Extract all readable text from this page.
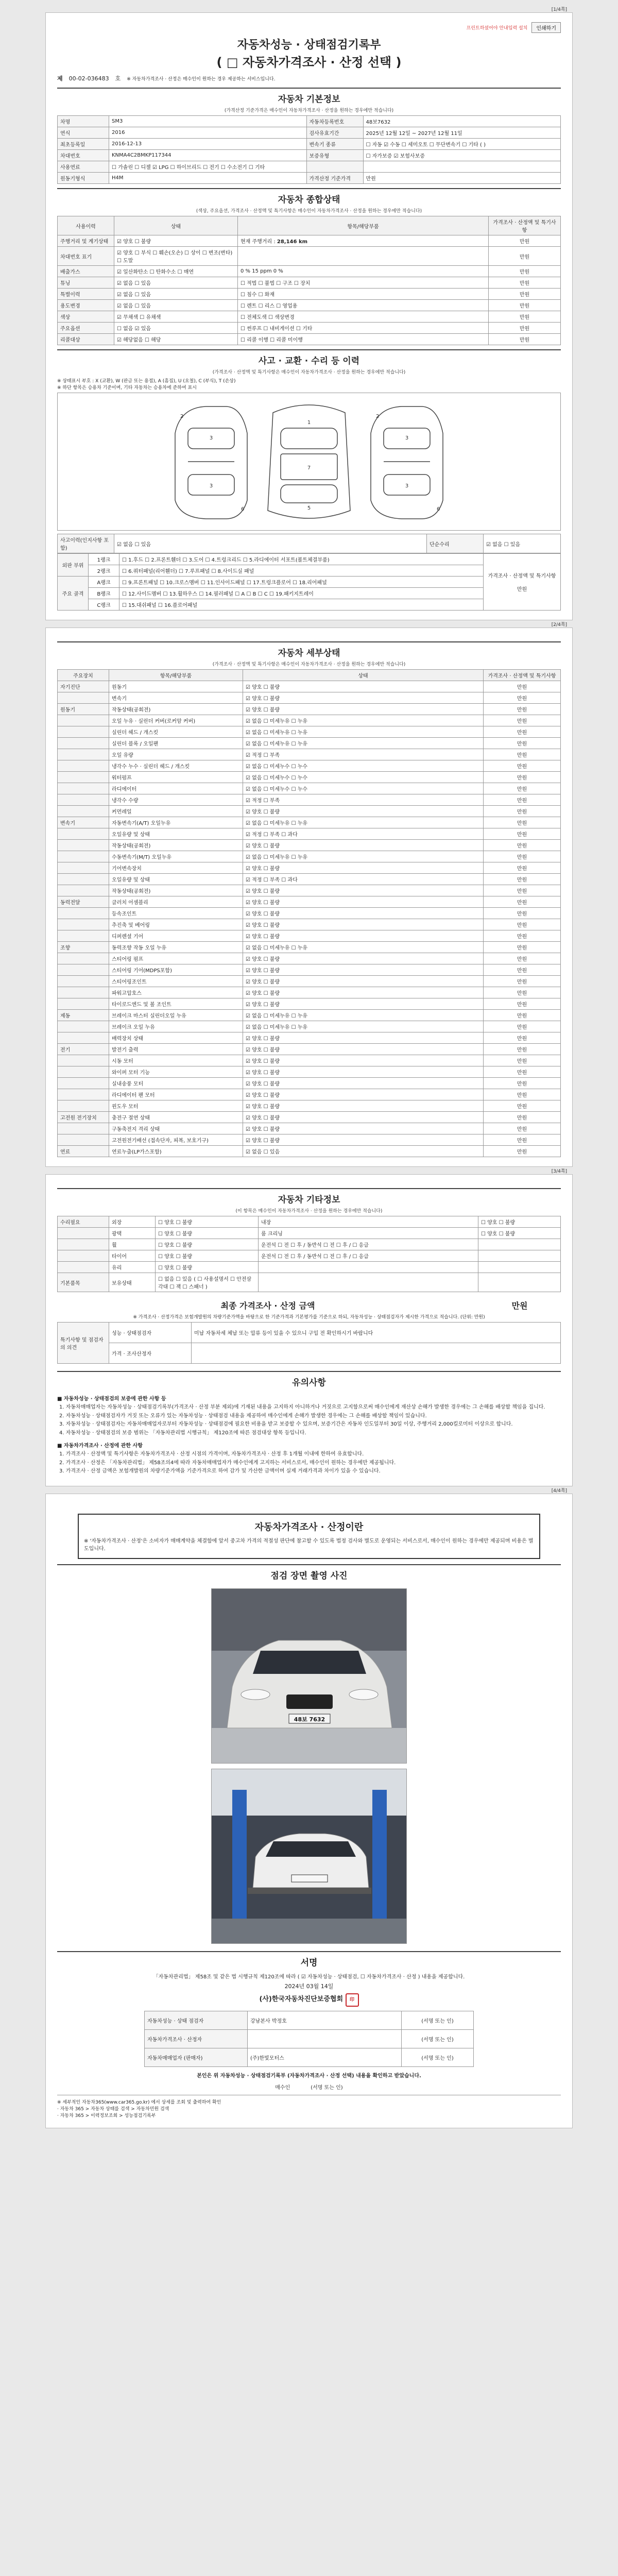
[1/4쪽]
프린트하셨어야 안내입력 설치	인쇄하기
자동차성능 · 상태점검기록부
( □ 자동차가격조사 · 산정 선택 )
제 00-02-036483 호 ※ 자동차가격조사 · 산정은 매수인이 원하는 경우 제공하는 서비스입니다.
자동차 기본정보
(가격산정 기준가격은 매수인이 자동차가격조사 · 산정을 원하는 경우에만 적습니다)
차명	SM3	자동차등록번호	48보7632
연식	2016	검사유효기간	2025년 12월 12일 ~ 2027년 12월 11일
최초등록일	2016-12-13	변속기 종류	☐ 자동 ☑ 수동 ☐ 세미오토 ☐ 무단변속기 ☐ 기타 ( )
차대번호	KNMA4C2BMKP117344	보증유형	☐ 자가보증 ☑ 보험사보증
사용연료	☐ 가솔린 ☐ 디젤 ☑ LPG ☐ 하이브리드 ☐ 전기 ☐ 수소전기 ☐ 기타		
원동기형식	H4M	가격산정 기준가격	만원
자동차 종합상태
(색상, 주요옵션, 가격조사 · 산정액 및 특기사항은 매수인이 자동차가격조사 · 산정을 원하는 경우에만 적습니다)
사용이력	상태	항목/해당부품	가격조사 · 산정액 및 특기사항
주행거리 및 계기상태	☑ 양호 ☐ 불량	현재 주행거리 : 28,146 km	만원
차대번호 표기	☑ 양호 ☐ 부식 ☐ 훼손(오손) ☐ 상이 ☐ 변조(변타) ☐ 도말		만원
배출가스	☑ 일산화탄소 ☐ 탄화수소 ☐ 매연	0 % 15 ppm 0 %	만원
튜닝	☑ 없음 ☐ 있음	☐ 적법 ☐ 불법 ☐ 구조 ☐ 장치	만원
특별이력	☑ 없음 ☐ 있음	☐ 침수 ☐ 화재	만원
용도변경	☑ 없음 ☐ 있음	☐ 렌트 ☐ 리스 ☐ 영업용	만원
색상	☑ 무채색 ☐ 유채색	☐ 전체도색 ☐ 색상변경	만원
주요옵션	☐ 없음 ☑ 있음	☐ 썬루프 ☐ 내비게이션 ☐ 기타	만원
리콜대상	☑ 해당없음 ☐ 해당	☐ 리콜 이행 ☐ 리콜 미이행	만원
사고 · 교환 · 수리 등 이력
(가격조사 · 산정액 및 특기사항은 매수인이 자동차가격조사 · 산정을 원하는 경우에만 적습니다)
※ 상태표시 부호 : X (교환), W (판금 또는 용접), A (흠집), U (요철), C (부식), T (손상)
※ 하단 항목은 승용차 기준이며, 기타 자동차는 승용차에 준하여 표시
1
7
5
3
3
3
3
2
6
2
6
사고이력(인지사항 포함)	☑ 없음 ☐ 있음	단순수리	☑ 없음 ☐ 있음
외판 부위	1랭크	☐ 1.후드 ☐ 2.프론트휀더 ☐ 3.도어 ☐ 4.트렁크리드 ☐ 5.라디에이터 서포트(볼트체결부품)	가격조사 · 산정액 및 특기사항

만원
	2랭크	☐ 6.쿼터패널(리어휀더) ☐ 7.루프패널 ☐ 8.사이드실 패널	
주요 골격	A랭크	☐ 9.프론트패널 ☐ 10.크로스멤버 ☐ 11.인사이드패널 ☐ 17.트렁크플로어 ☐ 18.리어패널	
	B랭크	☐ 12.사이드멤버 ☐ 13.휠하우스 ☐ 14.필러패널 ☐ A ☐ B ☐ C ☐ 19.패키지트레이	
	C랭크	☐ 15.대쉬패널 ☐ 16.플로어패널	
[2/4쪽]
자동차 세부상태
(가격조사 · 산정액 및 특기사항은 매수인이 자동차가격조사 · 산정을 원하는 경우에만 적습니다)
주요장치	항목/해당부품	상태	가격조사 · 산정액 및 특기사항
자기진단	원동기	☑ 양호 ☐ 불량	만원
	변속기	☑ 양호 ☐ 불량	만원
원동기	작동상태(공회전)	☑ 양호 ☐ 불량	만원
	오일 누유 · 실린더 커버(로커암 커버)	☑ 없음 ☐ 미세누유 ☐ 누유	만원
	실린더 헤드 / 개스킷	☑ 없음 ☐ 미세누유 ☐ 누유	만원
	실린더 블록 / 오일팬	☑ 없음 ☐ 미세누유 ☐ 누유	만원
	오일 유량	☑ 적정 ☐ 부족	만원
	냉각수 누수 · 실린더 헤드 / 개스킷	☑ 없음 ☐ 미세누수 ☐ 누수	만원
	워터펌프	☑ 없음 ☐ 미세누수 ☐ 누수	만원
	라디에이터	☑ 없음 ☐ 미세누수 ☐ 누수	만원
	냉각수 수량	☑ 적정 ☐ 부족	만원
	커먼레일	☑ 양호 ☐ 불량	만원
변속기	자동변속기(A/T) 오일누유	☑ 없음 ☐ 미세누유 ☐ 누유	만원
	오일유량 및 상태	☑ 적정 ☐ 부족 ☐ 과다	만원
	작동상태(공회전)	☑ 양호 ☐ 불량	만원
	수동변속기(M/T) 오일누유	☑ 없음 ☐ 미세누유 ☐ 누유	만원
	기어변속장치	☑ 양호 ☐ 불량	만원
	오일유량 및 상태	☑ 적정 ☐ 부족 ☐ 과다	만원
	작동상태(공회전)	☑ 양호 ☐ 불량	만원
동력전달	클러치 어셈블리	☑ 양호 ☐ 불량	만원
	등속조인트	☑ 양호 ☐ 불량	만원
	추진축 및 베어링	☑ 양호 ☐ 불량	만원
	디퍼렌셜 기어	☑ 양호 ☐ 불량	만원
조향	동력조향 작동 오일 누유	☑ 없음 ☐ 미세누유 ☐ 누유	만원
	스티어링 펌프	☑ 양호 ☐ 불량	만원
	스티어링 기어(MDPS포함)	☑ 양호 ☐ 불량	만원
	스티어링조인트	☑ 양호 ☐ 불량	만원
	파워고압호스	☑ 양호 ☐ 불량	만원
	타이로드엔드 및 볼 조인트	☑ 양호 ☐ 불량	만원
제동	브레이크 마스터 실린더오일 누유	☑ 없음 ☐ 미세누유 ☐ 누유	만원
	브레이크 오일 누유	☑ 없음 ☐ 미세누유 ☐ 누유	만원
	배력장치 상태	☑ 양호 ☐ 불량	만원
전기	발전기 출력	☑ 양호 ☐ 불량	만원
	시동 모터	☑ 양호 ☐ 불량	만원
	와이퍼 모터 기능	☑ 양호 ☐ 불량	만원
	실내송풍 모터	☑ 양호 ☐ 불량	만원
	라디에이터 팬 모터	☑ 양호 ☐ 불량	만원
	윈도우 모터	☑ 양호 ☐ 불량	만원
고전원 전기장치	충전구 절연 상태	☑ 양호 ☐ 불량	만원
	구동축전지 격리 상태	☑ 양호 ☐ 불량	만원
	고전원전기배선 (접속단자, 피복, 보호기구)	☑ 양호 ☐ 불량	만원
연료	연료누출(LP가스포함)	☑ 없음 ☐ 있음	만원
[3/4쪽]
자동차 기타정보
(이 항목은 매수인이 자동차가격조사 · 산정을 원하는 경우에만 적습니다)
수리필요	외장	☐ 양호 ☐ 불량	내장	☐ 양호 ☐ 불량
	광택	☐ 양호 ☐ 불량	룸 크리닝	☐ 양호 ☐ 불량
	휠	☐ 양호 ☐ 불량	운전석 ☐ 전 ☐ 후 / 동반석 ☐ 전 ☐ 후 / ☐ 응급	
	타이어	☐ 양호 ☐ 불량	운전석 ☐ 전 ☐ 후 / 동반석 ☐ 전 ☐ 후 / ☐ 응급	
	유리	☐ 양호 ☐ 불량		
기본품목	보유상태	☐ 없음 ☐ 있음 ( ☐ 사용설명서 ☐ 안전삼각대 ☐ 잭 ☐ 스패너 )		
최종 가격조사 · 산정 금액	만원
※ 가격조사 · 산정가격은 보험개발원의 차량기준가액을 바탕으로 한 기준가격과 기본평가를 기준으로 하되, 자동차성능 · 상태점검자가 제시한 가격으로 적습니다. (단위: 만원)
특기사항 및 점검자의 의견	성능 · 상태점검자	미납 자동차세 체납 또는 압류 등이 있을 수 있으니 구입 전 확인하시기 바랍니다
	가격 · 조사산정자	
유의사항
■ 자동차성능 · 상태점검의 보증에 관한 사항 등

1. 자동차매매업자는 자동차성능 · 상태점검기록부(가격조사 · 산정 부분 제외)에 기재된 내용을 고지하지 아니하거나 거짓으로 고지함으로써 매수인에게 재산상 손해가 발생한 경우에는 그 손해를 배상할 책임을 집니다.

2. 자동차성능 · 상태점검자가 거짓 또는 오류가 있는 자동차성능 · 상태점검 내용을 제공하여 매수인에게 손해가 발생한 경우에는 그 손해를 배상할 책임이 있습니다.

3. 자동차성능 · 상태점검자는 자동차매매업자로부터 자동차성능 · 상태점검에 필요한 비용을 받고 보증할 수 있으며, 보증기간은 자동차 인도일부터 30일 이상, 주행거리 2,000킬로미터 이상으로 합니다.

4. 자동차성능 · 상태점검의 보증 범위는 「자동차관리법 시행규칙」 제120조에 따른 점검대상 항목 등입니다.

■ 자동차가격조사 · 산정에 관한 사항

1. 가격조사 · 산정액 및 특기사항은 자동차가격조사 · 산정 시점의 가격이며, 자동차가격조사 · 산정 후 1개월 이내에 한하여 유효합니다.

2. 가격조사 · 산정은 「자동차관리법」 제58조의4에 따라 자동차매매업자가 매수인에게 고지하는 서비스로서, 매수인이 원하는 경우에만 제공됩니다.

3. 가격조사 · 산정 금액은 보험개발원의 차량기준가액을 기준가격으로 하여 감가 및 가산한 금액이며 실제 거래가격과 차이가 있을 수 있습니다.

[4/4쪽]
자동차가격조사 · 산정이란
※ '자동차가격조사 · 산정'은 소비자가 매매계약을 체결함에 앞서 중고차 가격의 적절성 판단에 참고할 수 있도록 법정 검사와 별도로 운영되는 서비스로서, 매수인이 원하는 경우에만 제공되며 비용은 별도입니다.
점검 장면 촬영 사진
48보 7632
서명
「자동차관리법」 제58조 및 같은 법 시행규칙 제120조에 따라 ( ☑ 자동차성능 · 상태점검, ☐ 자동차가격조사 · 산정 ) 내용을 제공합니다.
2024년 03월 14일
(사)한국자동차진단보증협회 印
자동차성능 · 상태 점검자	강남본사 박정호	(서명 또는 인)
자동차가격조사 · 산정자		(서명 또는 인)
자동차매매업자 (판매자)	(주)한빛모터스	(서명 또는 인)
본인은 위 자동차성능 · 상태점검기록부 (자동차가격조사 · 산정 선택) 내용을 확인하고 받았습니다.
매수인	(서명 또는 인)
※ 세부적인 자동차365(www.car365.go.kr) 에서 상세를 조회 및 출력하여 확인
· 자동차 365 > 자동차 상태를 검색 > 자동차민원 검색
· 자동차 365 > 이력정보조회 > 성능점검기록부
